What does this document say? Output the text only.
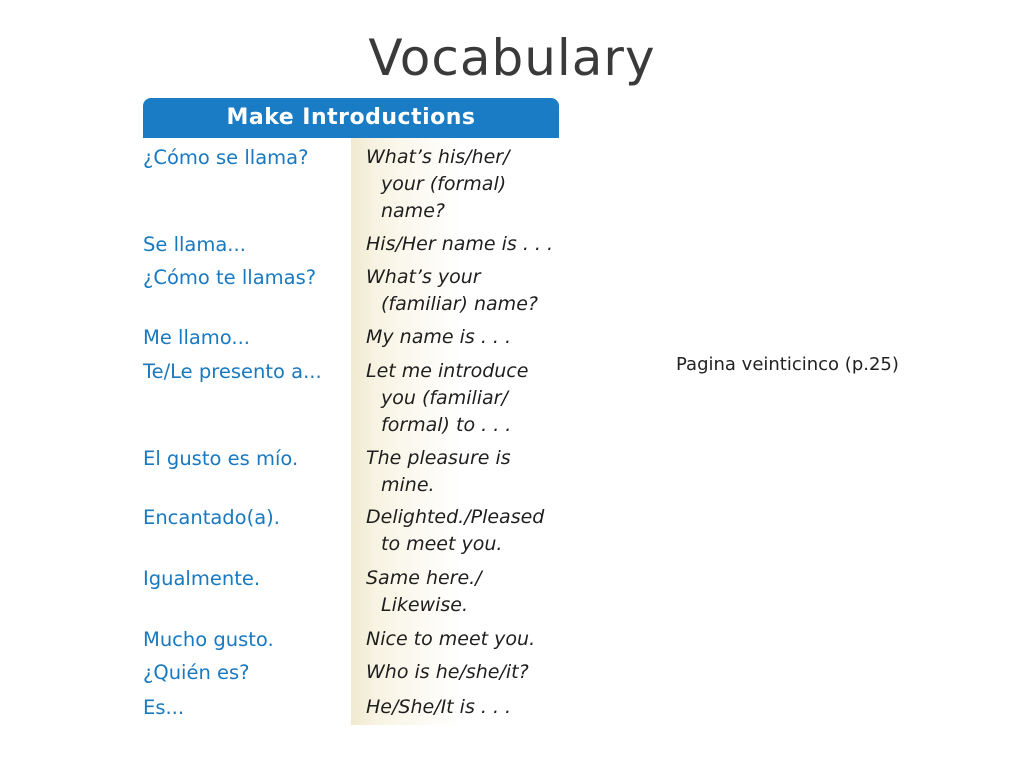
Vocabulary
Make Introductions
¿Cómo se llama?	What’s his/her/
your (formal)
name?
Se llama...	His/Her name is . . .
¿Cómo te llamas?	What’s your
(familiar) name?
Me llamo...	My name is . . .
Te/Le presento a...	Let me introduce
you (familiar/
formal) to . . .
El gusto es mío.	The pleasure is
mine.
Encantado(a).	Delighted./Pleased
to meet you.
Igualmente.	Same here./
Likewise.
Mucho gusto.	Nice to meet you.
¿Quién es?	Who is he/she/it?
Es...	He/She/It is . . .
Pagina veinticinco (p.25)
